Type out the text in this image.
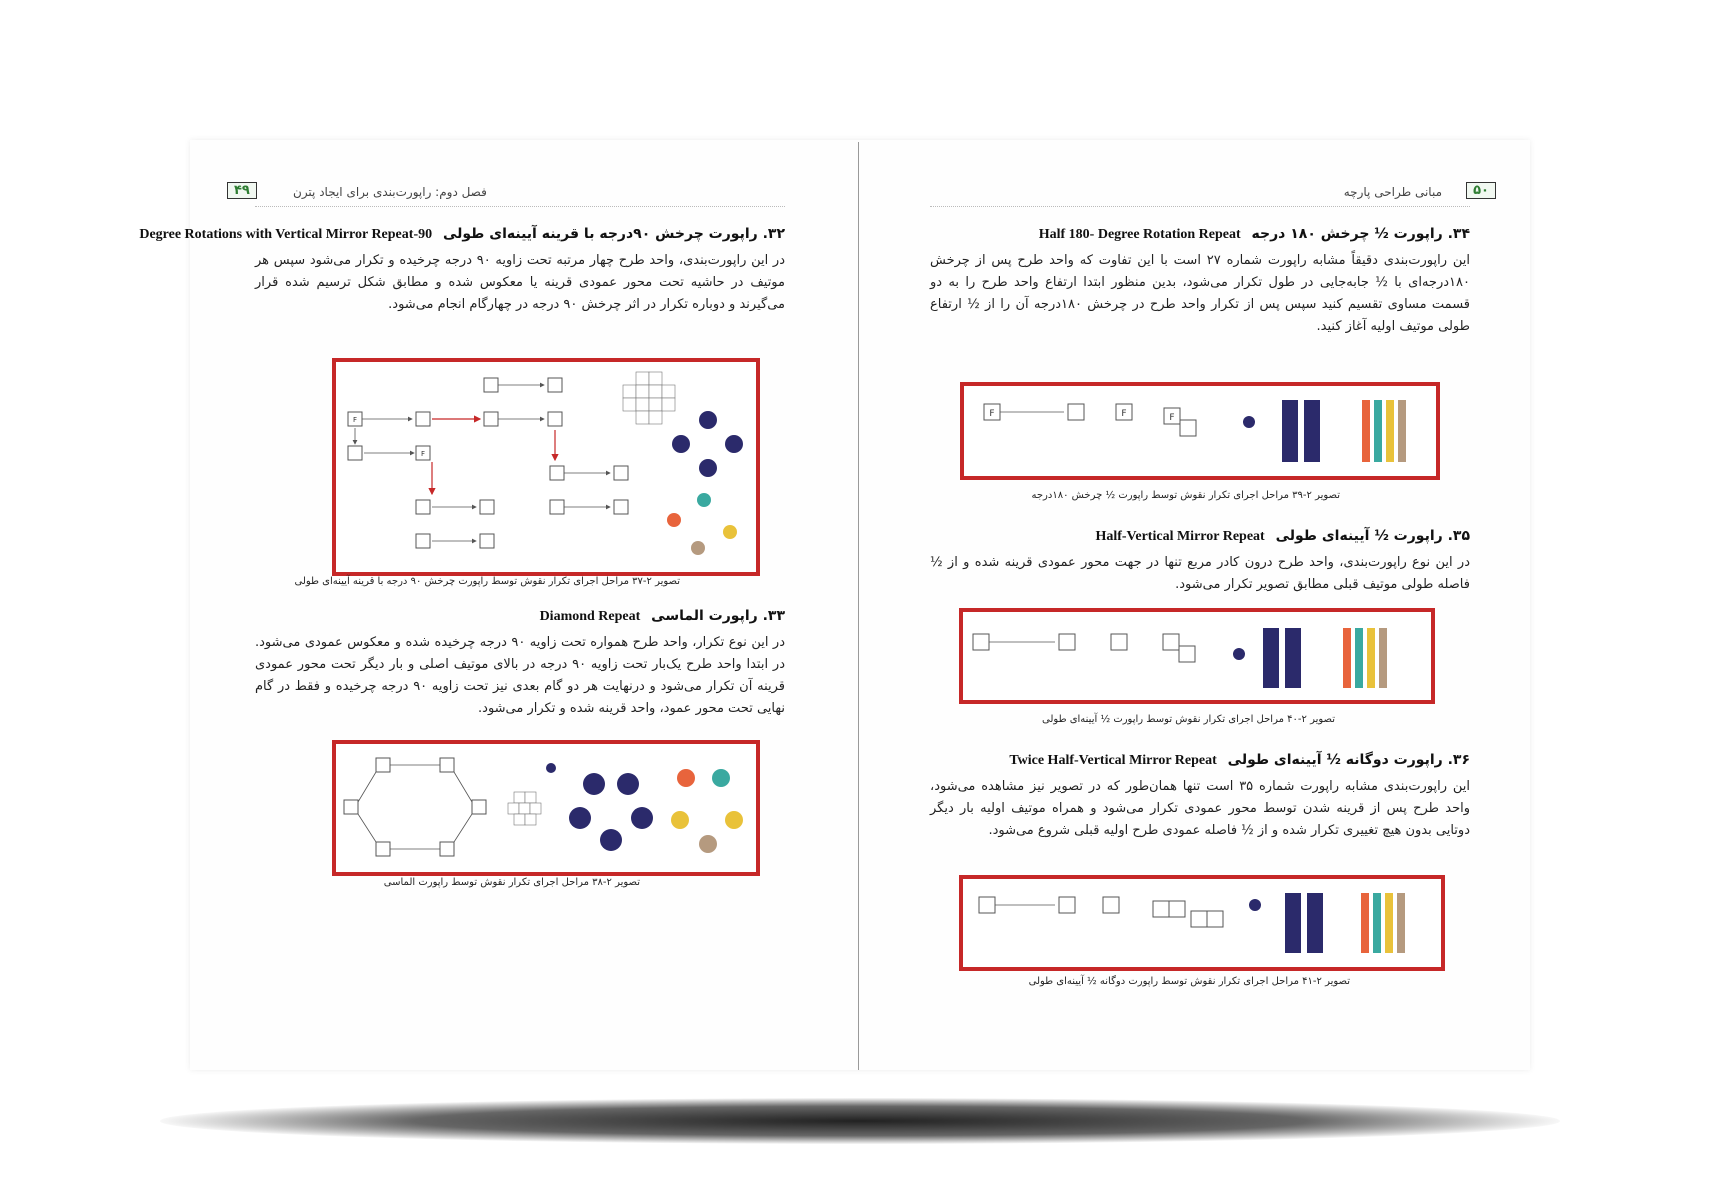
۴۹	فصل دوم: راپورت‌بندی برای ایجاد پترن
۳۲. راپورت چرخش ۹۰درجه با قرینه آیینه‌ای طولی 90-Degree Rotations with Vertical Mirror Repeat
در این راپورت‌بندی، واحد طرح چهار مرتبه تحت زاویه ۹۰ درجه چرخیده و تکرار می‌شود سپس هر موتیف در حاشیه تحت محور عمودی قرینه یا معکوس شده و مطابق شکل ترسیم شده قرار می‌گیرند و دوباره تکرار در اثر چرخش ۹۰ درجه در چهارگام انجام می‌شود.
F
F
تصویر ۲-۳۷ مراحل اجرای تکرار نقوش توسط راپورت چرخش ۹۰ درجه با قرینه آیینه‌ای طولی
۳۳. راپورت الماسی Diamond Repeat
در این نوع تکرار، واحد طرح همواره تحت زاویه ۹۰ درجه چرخیده شده و معکوس عمودی می‌شود. در ابتدا واحد طرح یک‌بار تحت زاویه ۹۰ درجه در بالای موتیف اصلی و بار دیگر تحت محور عمودی قرینه آن تکرار می‌شود و درنهایت هر دو گام بعدی نیز تحت زاویه ۹۰ درجه چرخیده و فقط در گام نهایی تحت محور عمود، واحد قرینه شده و تکرار می‌شود.
تصویر ۲-۳۸ مراحل اجرای تکرار نقوش توسط راپورت الماسی
۵۰
مبانی طراحی پارچه
۳۴. راپورت ½ چرخش ۱۸۰ درجه Half 180- Degree Rotation Repeat
این راپورت‌بندی دقیقاً مشابه راپورت شماره ۲۷ است با این تفاوت که واحد طرح پس از چرخش ۱۸۰درجه‌ای با ½ جابه‌جایی در طول تکرار می‌شود، بدین منظور ابتدا ارتفاع واحد طرح را به دو قسمت مساوی تقسیم کنید سپس پس از تکرار واحد طرح در چرخش ۱۸۰درجه آن را از ½ ارتفاع طولی موتیف اولیه آغاز کنید.
F	F	F
تصویر ۲-۳۹ مراحل اجرای تکرار نقوش توسط راپورت ½ چرخش ۱۸۰درجه
۳۵. راپورت ½ آیینه‌ای طولی Half-Vertical Mirror Repeat
در این نوع راپورت‌بندی، واحد طرح درون کادر مربع تنها در جهت محور عمودی قرینه شده و از ½ فاصله طولی موتیف قبلی مطابق تصویر تکرار می‌شود.
تصویر ۲-۴۰ مراحل اجرای تکرار نقوش توسط راپورت ½ آیینه‌ای طولی
۳۶. راپورت دوگانه ½ آیینه‌ای طولی Twice Half-Vertical Mirror Repeat
این راپورت‌بندی مشابه راپورت شماره ۳۵ است تنها همان‌طور که در تصویر نیز مشاهده می‌شود، واحد طرح پس از قرینه شدن توسط محور عمودی تکرار می‌شود و همراه موتیف اولیه بار دیگر دوتایی بدون هیچ تغییری تکرار شده و از ½ فاصله عمودی طرح اولیه قبلی شروع می‌شود.
تصویر ۲-۴۱ مراحل اجرای تکرار نقوش توسط راپورت دوگانه ½ آیینه‌ای طولی
